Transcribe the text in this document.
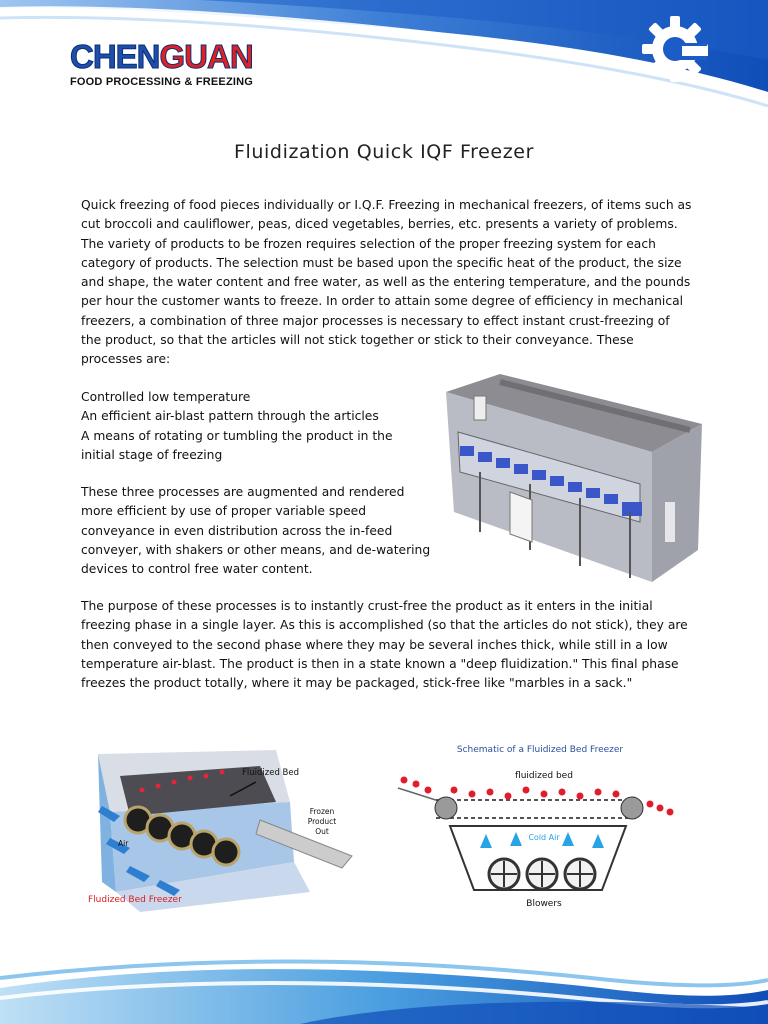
CHENGUAN
FOOD PROCESSING & FREEZING
Fluidization Quick IQF Freezer

Quick freezing of food pieces individually or I.Q.F. Freezing in mechanical freezers, of items such as cut broccoli and cauliflower, peas, diced vegetables, berries, etc. presents a variety of problems. The variety of products to be frozen requires selection of the proper freezing system for each category of products. The selection must be based upon the specific heat of the product, the size and shape, the water content and free water, as well as the entering temperature, and the pounds per hour the customer wants to freeze. In order to attain some degree of efficiency in mechanical freezers, a combination of three major processes is necessary to effect instant crust-freezing of the product, so that the articles will not stick together or stick to their conveyance. These processes are:

Controlled low temperature
An efficient air-blast pattern through the articles
A means of rotating or tumbling the product in the
initial stage of freezing

These three processes are augmented and rendered more efficient by use of proper variable speed conveyance in even distribution across the in-feed conveyer, with shakers or other means, and de-watering devices to control free water content.

The purpose of these processes is to instantly crust-free the product as it enters in the initial freezing phase in a single layer. As this is accomplished (so that the articles do not stick), they are then conveyed to the second phase where they may be several inches thick, while still in a low temperature air-blast. The product is then in a state known a "deep fluidization." This final phase freezes the product totally, where it may be packaged, stick-free like "marbles in a sack."

Fluidized Bed
Frozen
Product
Out
Air
Fludized Bed Freezer
Schematic of a Fluidized Bed Freezer
fluidized bed
Cold Air
Blowers
